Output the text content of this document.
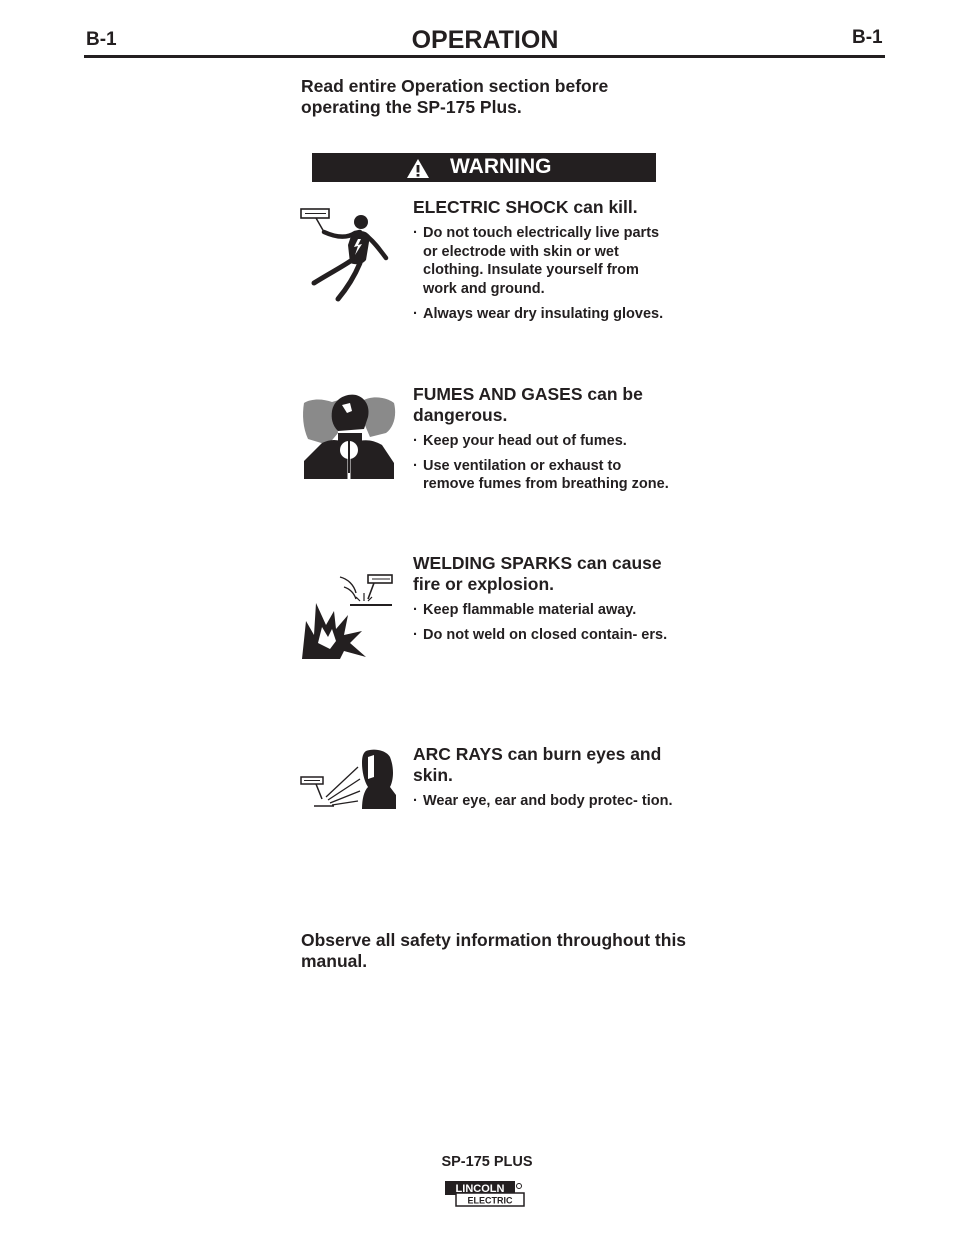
B-1	OPERATION	B-1
Read entire Operation section before operating the SP-175 Plus.
WARNING
ELECTRIC SHOCK can kill.
· Do not touch electrically live parts or electrode with skin or wet clothing. Insulate yourself from work and ground.
· Always wear dry insulating gloves.
FUMES AND GASES can be dangerous.
· Keep your head out of fumes.
· Use ventilation or exhaust to remove fumes from breathing zone.
WELDING SPARKS can cause fire or explosion.
· Keep flammable material away.
· Do not weld on closed contain- ers.
ARC RAYS can burn eyes and skin.
· Wear eye, ear and body protec- tion.
Observe all safety information throughout this manual.
SP-175 PLUS
LINCOLN
ELECTRIC
